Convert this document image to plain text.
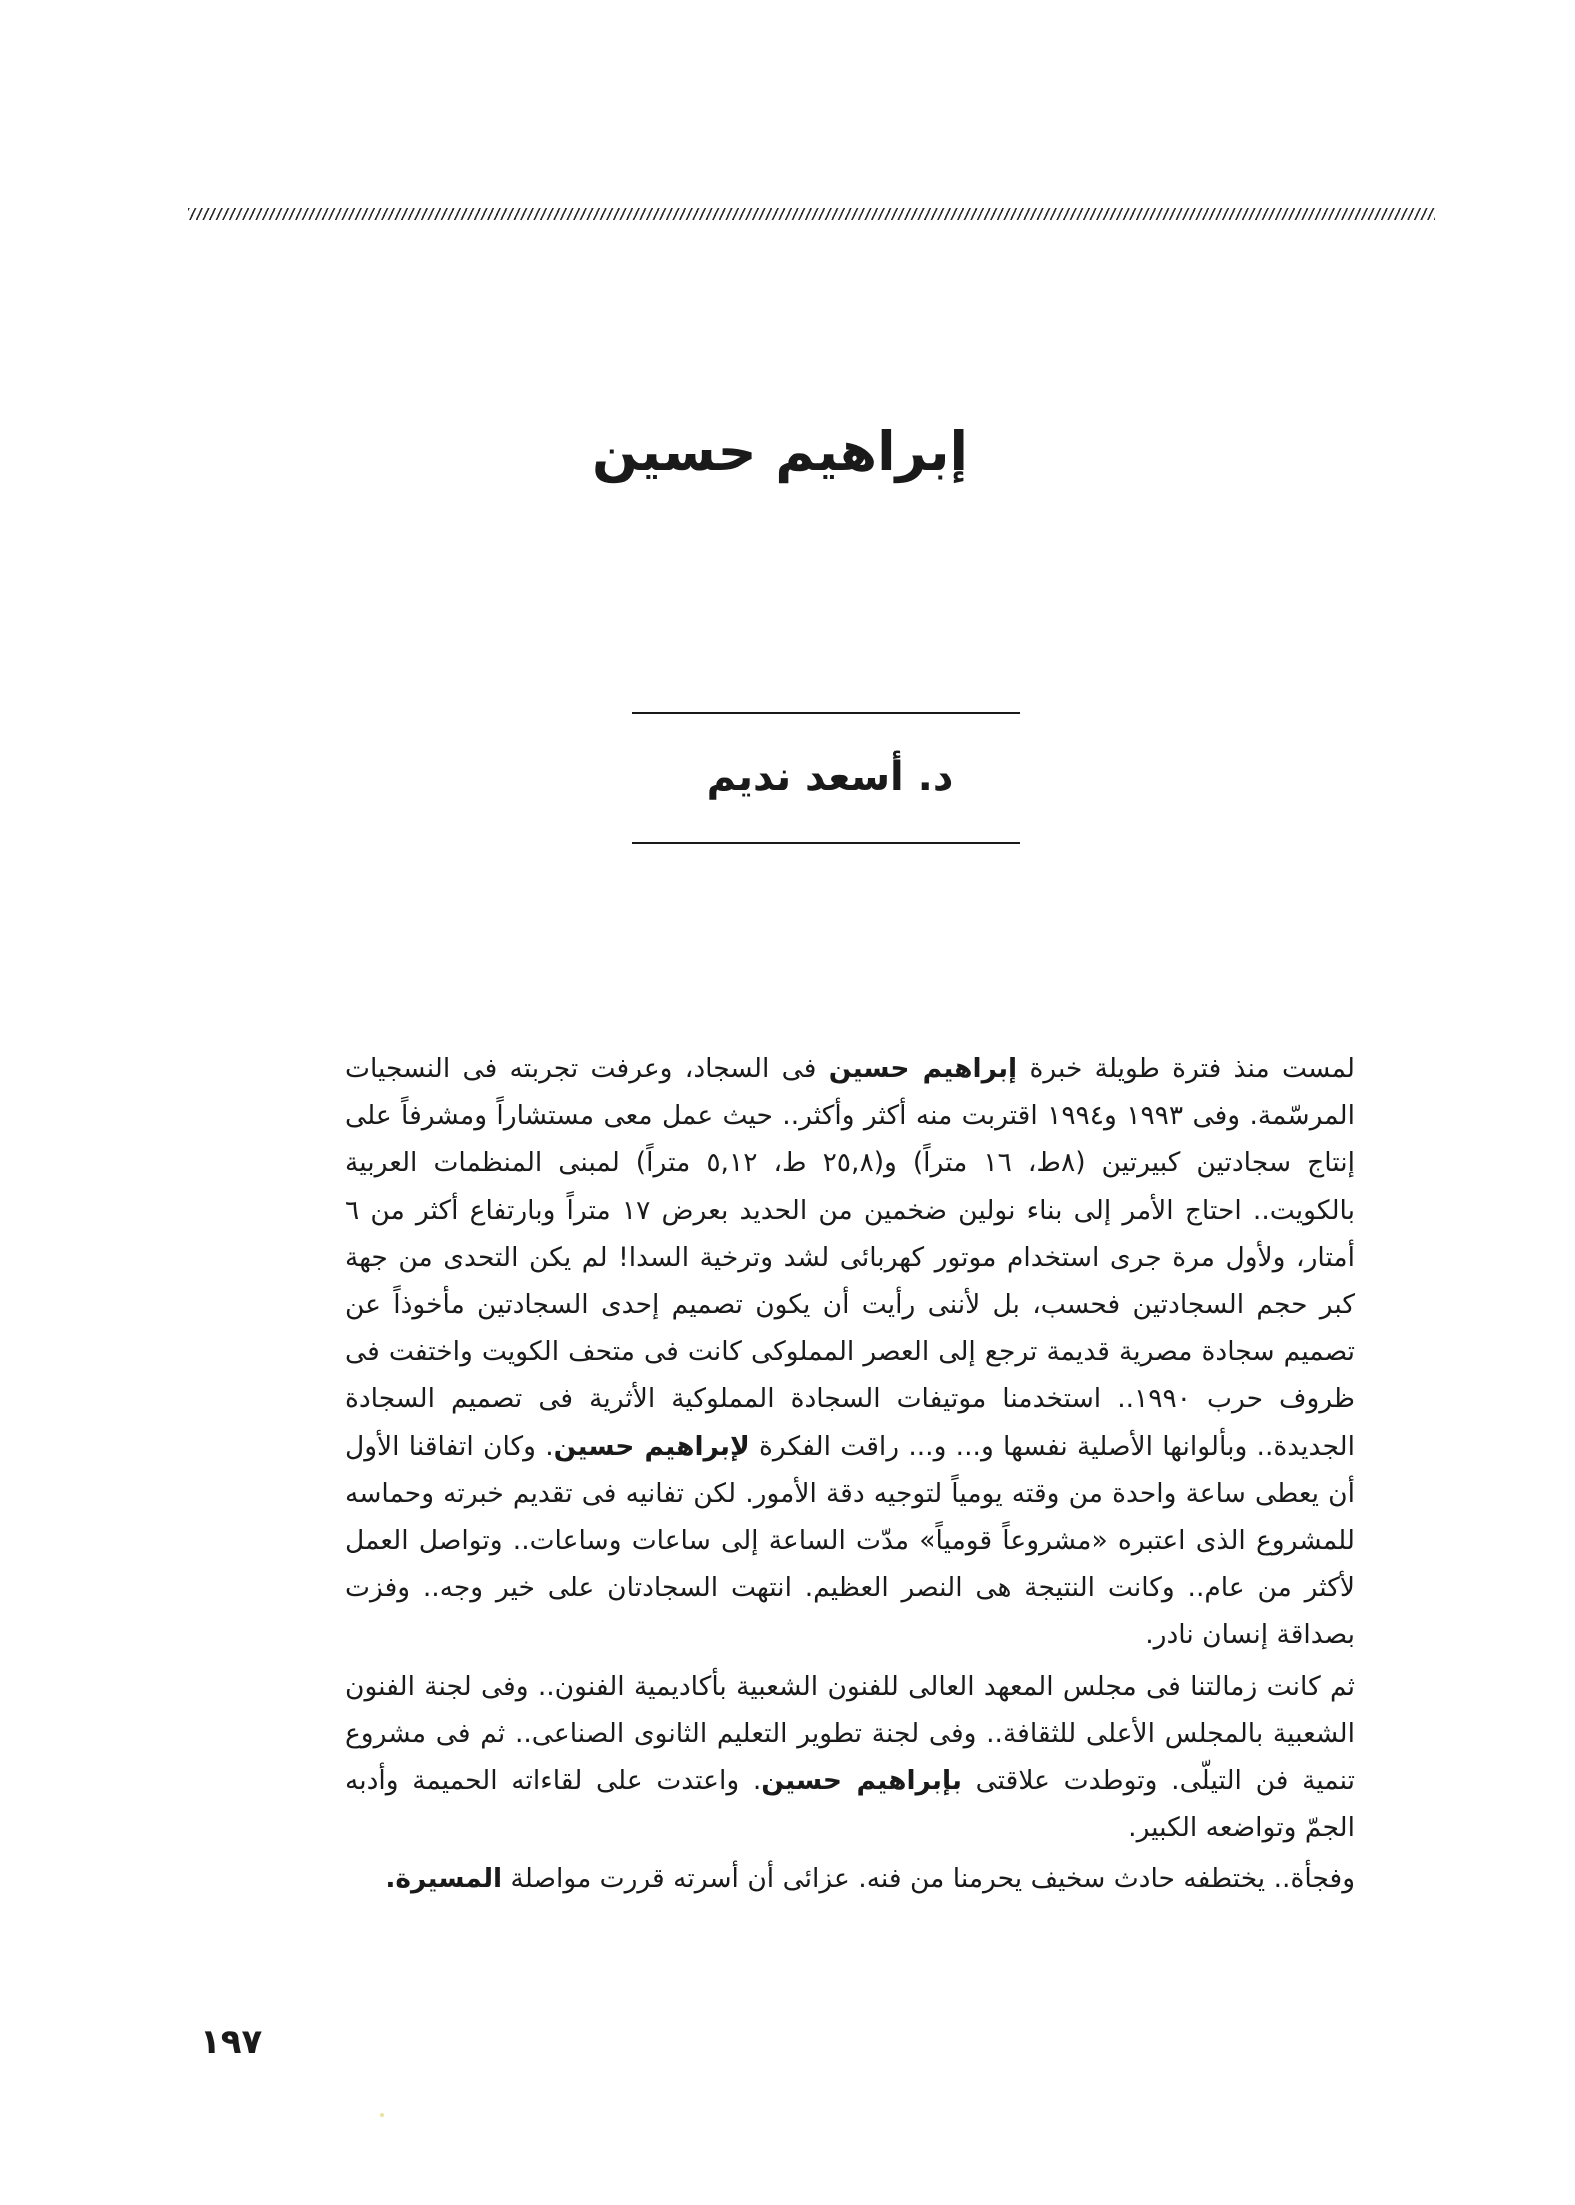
إبراهيم حسين
د. أسعد نديم

لمست منذ فترة طويلة خبرة إبراهيم حسين فى السجاد، وعرفت تجربته فى النسجيات المرسّمة. وفى ١٩٩٣ و١٩٩٤ اقتربت منه أكثر وأكثر.. حيث عمل معى مستشاراً ومشرفاً على إنتاج سجادتين كبيرتين (٨ط، ١٦ متراً) و(٢٥,٨ ط، ٥,١٢ متراً) لمبنى المنظمات العربية بالكويت.. احتاج الأمر إلى بناء نولين ضخمين من الحديد بعرض ١٧ متراً وبارتفاع أكثر من ٦ أمتار، ولأول مرة جرى استخدام موتور كهربائى لشد وترخية السدا! لم يكن التحدى من جهة كبر حجم السجادتين فحسب، بل لأننى رأيت أن يكون تصميم إحدى السجادتين مأخوذاً عن تصميم سجادة مصرية قديمة ترجع إلى العصر المملوكى كانت فى متحف الكويت واختفت فى ظروف حرب ١٩٩٠.. استخدمنا موتيفات السجادة المملوكية الأثرية فى تصميم السجادة الجديدة.. وبألوانها الأصلية نفسها و... و... راقت الفكرة لإبراهيم حسين. وكان اتفاقنا الأول أن يعطى ساعة واحدة من وقته يومياً لتوجيه دقة الأمور. لكن تفانيه فى تقديم خبرته وحماسه للمشروع الذى اعتبره «مشروعاً قومياً» مدّت الساعة إلى ساعات وساعات.. وتواصل العمل لأكثر من عام.. وكانت النتيجة هى النصر العظيم. انتهت السجادتان على خير وجه.. وفزت بصداقة إنسان نادر.

ثم كانت زمالتنا فى مجلس المعهد العالى للفنون الشعبية بأكاديمية الفنون.. وفى لجنة الفنون الشعبية بالمجلس الأعلى للثقافة.. وفى لجنة تطوير التعليم الثانوى الصناعى.. ثم فى مشروع تنمية فن التيلّى. وتوطدت علاقتى بإبراهيم حسين. واعتدت على لقاءاته الحميمة وأدبه الجمّ وتواضعه الكبير.

وفجأة.. يختطفه حادث سخيف يحرمنا من فنه. عزائى أن أسرته قررت مواصلة المسيرة.

١٩٧
